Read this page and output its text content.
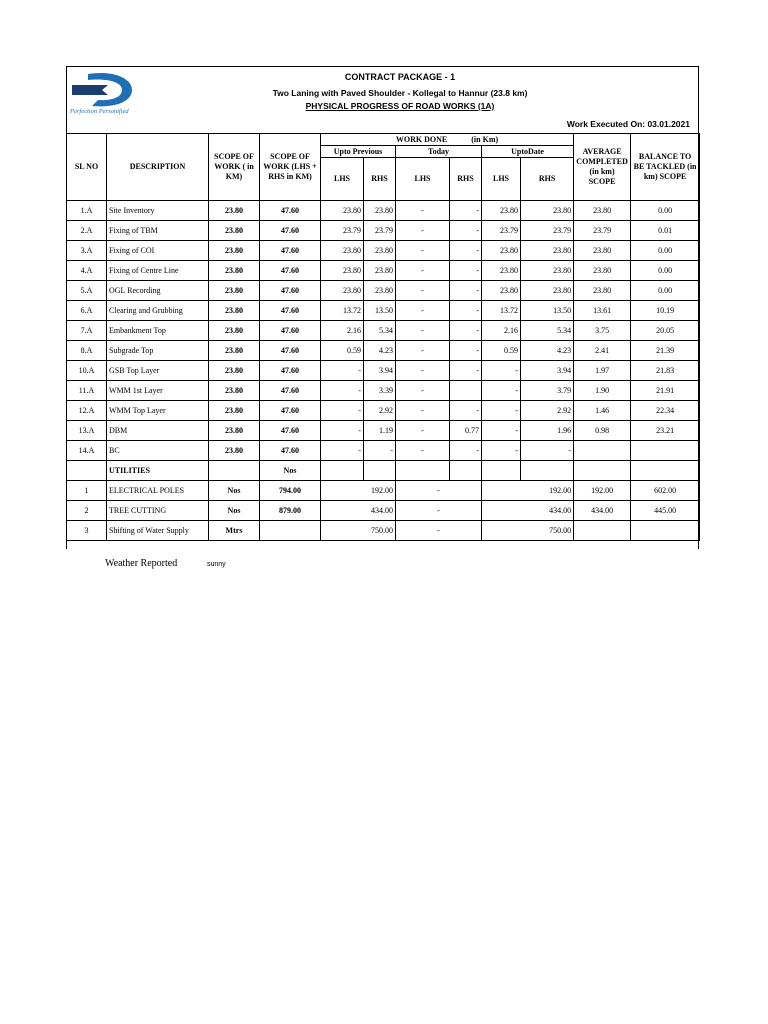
Perfection Personified
CONTRACT PACKAGE - 1
Two Laning with Paved Shoulder - Kollegal to Hannur (23.8 km)
PHYSICAL PROGRESS OF ROAD WORKS (1A)
Work Executed On: 03.01.2021
SL NO	DESCRIPTION	SCOPE OF WORK ( in KM)	SCOPE OF WORK (LHS + RHS in KM)	WORK DONE            (in Km)						AVERAGE COMPLETED (in km) SCOPE	BALANCE TO BE TACKLED (in km) SCOPE
				Upto Previous		Today		UptoDate			
				LHS	RHS	LHS	RHS	LHS	RHS		
1.A	Site Inventory	23.80	47.60	23.80	23.80	-	-	23.80	23.80	23.80	0.00
2.A	Fixing of TBM	23.80	47.60	23.79	23.79	-	-	23.79	23.79	23.79	0.01
3.A	Fixing of COI	23.80	47.60	23.80	23.80	-	-	23.80	23.80	23.80	0.00
4.A	Fixing of Centre Line	23.80	47.60	23.80	23.80	-	-	23.80	23.80	23.80	0.00
5.A	OGL Recording	23.80	47.60	23.80	23.80	-	-	23.80	23.80	23.80	0.00
6.A	Clearing and Grubbing	23.80	47.60	13.72	13.50	-	-	13.72	13.50	13.61	10.19
7.A	Embankment Top	23.80	47.60	2.16	5.34	-	-	2.16	5.34	3.75	20.05
8.A	Subgrade Top	23.80	47.60	0.59	4.23	-	-	0.59	4.23	2.41	21.39
10.A	GSB Top Layer	23.80	47.60	-	3.94	-	-	-	3.94	1.97	21.83
11.A	WMM 1st Layer	23.80	47.60	-	3.39	-		-	3.79	1.90	21.91
12.A	WMM Top Layer	23.80	47.60	-	2.92	-	-	-	2.92	1.46	22.34
13.A	DBM	23.80	47.60	-	1.19	-	0.77	-	1.96	0.98	23.21
14.A	BC	23.80	47.60	-	-	-	-	-	-		
	UTILITIES		Nos								
1	ELECTRICAL POLES	Nos	794.00	192.00		-		192.00		192.00	602.00
2	TREE CUTTING	Nos	879.00	434.00		-		434.00		434.00	445.00
3	Shifting of Water Supply	Mtrs		750.00		-		750.00			
Weather Reported	sunny
